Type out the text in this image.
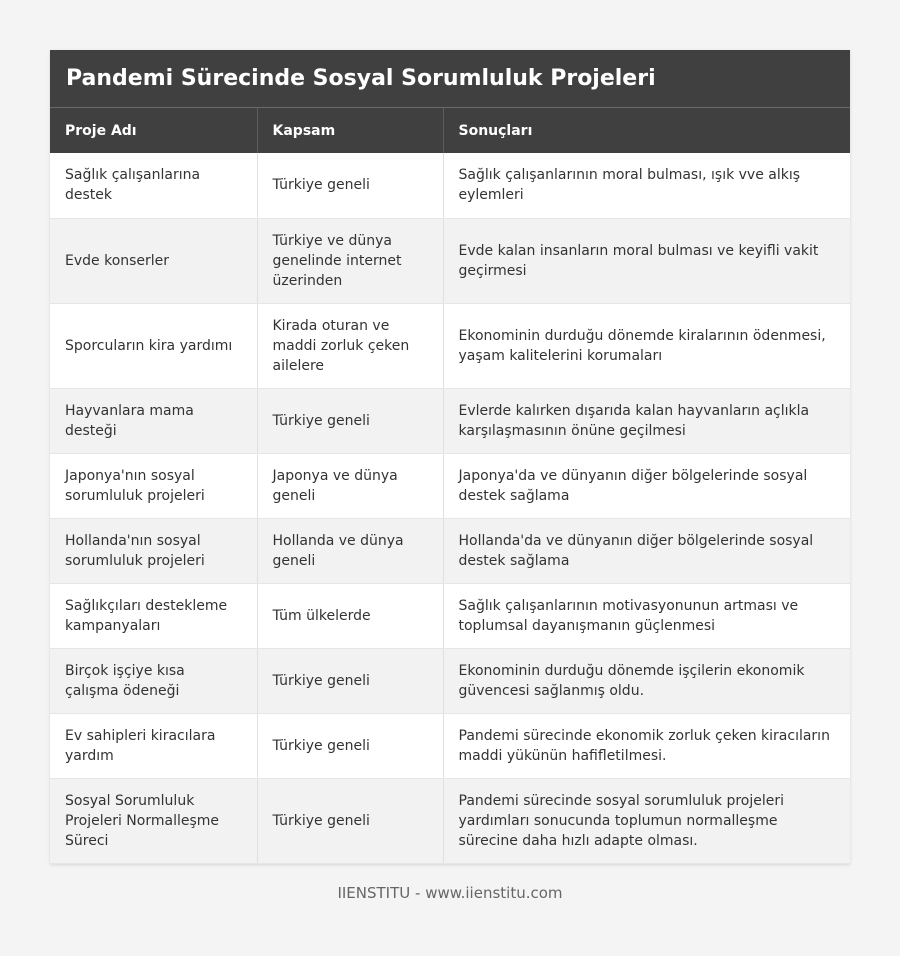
Pandemi Sürecinde Sosyal Sorumluluk Projeleri
Proje Adı	Kapsam	Sonuçları
Sağlık çalışanlarına destek	Türkiye geneli	Sağlık çalışanlarının moral bulması, ışık vve alkış eylemleri
Evde konserler	Türkiye ve dünya genelinde internet üzerinden	Evde kalan insanların moral bulması ve keyifli vakit geçirmesi
Sporcuların kira yardımı	Kirada oturan ve maddi zorluk çeken ailelere	Ekonominin durduğu dönemde kiralarının ödenmesi, yaşam kalitelerini korumaları
Hayvanlara mama desteği	Türkiye geneli	Evlerde kalırken dışarıda kalan hayvanların açlıkla karşılaşmasının önüne geçilmesi
Japonya'nın sosyal sorumluluk projeleri	Japonya ve dünya geneli	Japonya'da ve dünyanın diğer bölgelerinde sosyal destek sağlama
Hollanda'nın sosyal sorumluluk projeleri	Hollanda ve dünya geneli	Hollanda'da ve dünyanın diğer bölgelerinde sosyal destek sağlama
Sağlıkçıları destekleme kampanyaları	Tüm ülkelerde	Sağlık çalışanlarının motivasyonunun artması ve toplumsal dayanışmanın güçlenmesi
Birçok işçiye kısa çalışma ödeneği	Türkiye geneli	Ekonominin durduğu dönemde işçilerin ekonomik güvencesi sağlanmış oldu.
Ev sahipleri kiracılara yardım	Türkiye geneli	Pandemi sürecinde ekonomik zorluk çeken kiracıların maddi yükünün hafifletilmesi.
Sosyal Sorumluluk Projeleri Normalleşme Süreci	Türkiye geneli	Pandemi sürecinde sosyal sorumluluk projeleri yardımları sonucunda toplumun normalleşme sürecine daha hızlı adapte olması.
IIENSTITU - www.iienstitu.com
